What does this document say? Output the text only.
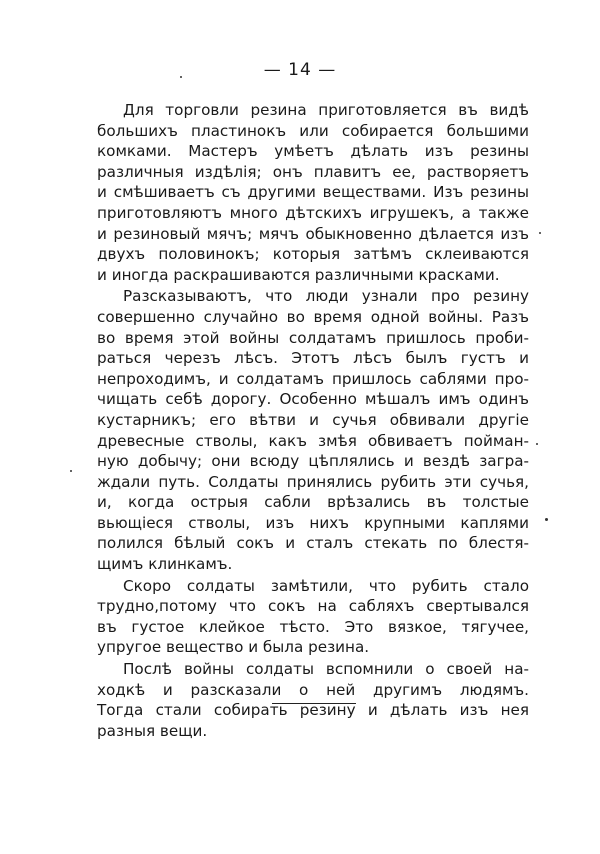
— 14 —

Для торговли резина приготовляется въ видѣ
большихъ пластинокъ или собирается большими
комками. Мастеръ умѣетъ дѣлать изъ резины
различныя издѣлія; онъ плавитъ ее, растворяетъ
и смѣшиваетъ съ другими веществами. Изъ резины
приготовляютъ много дѣтскихъ игрушекъ, а также
и резиновый мячъ; мячъ обыкновенно дѣлается изъ
двухъ половинокъ; которыя затѣмъ склеиваются
и иногда раскрашиваются различными красками.

Разсказываютъ, что люди узнали про резину
совершенно случайно во время одной войны. Разъ
во время этой войны солдатамъ пришлось проби-
раться черезъ лѣсъ. Этотъ лѣсъ былъ густъ и
непроходимъ, и солдатамъ пришлось саблями про-
чищать себѣ дорогу. Особенно мѣшалъ имъ одинъ
кустарникъ; его вѣтви и сучья обвивали другіе
древесные стволы, какъ змѣя обвиваетъ поймaн-
ную добычу; они всюду цѣплялись и вездѣ загра-
ждали путь. Солдаты принялись рубить эти сучья,
и, когда острыя сабли врѣзались въ толстые
вьющіеся стволы, изъ нихъ крупными каплями
полился бѣлый сокъ и сталъ стекать по блестя-
щимъ клинкамъ.

Скоро солдаты замѣтили, что рубить стало
трудно,потому что сокъ на сабляхъ свертывался
въ густое клейкое тѣсто. Это вязкое, тягучее,
упругое вещество и была резина.

Послѣ войны солдаты вспомнили о своей на-
ходкѣ и разсказали о ней другимъ людямъ.
Тогда стали собирать резину и дѣлать изъ нея
разныя вещи.
